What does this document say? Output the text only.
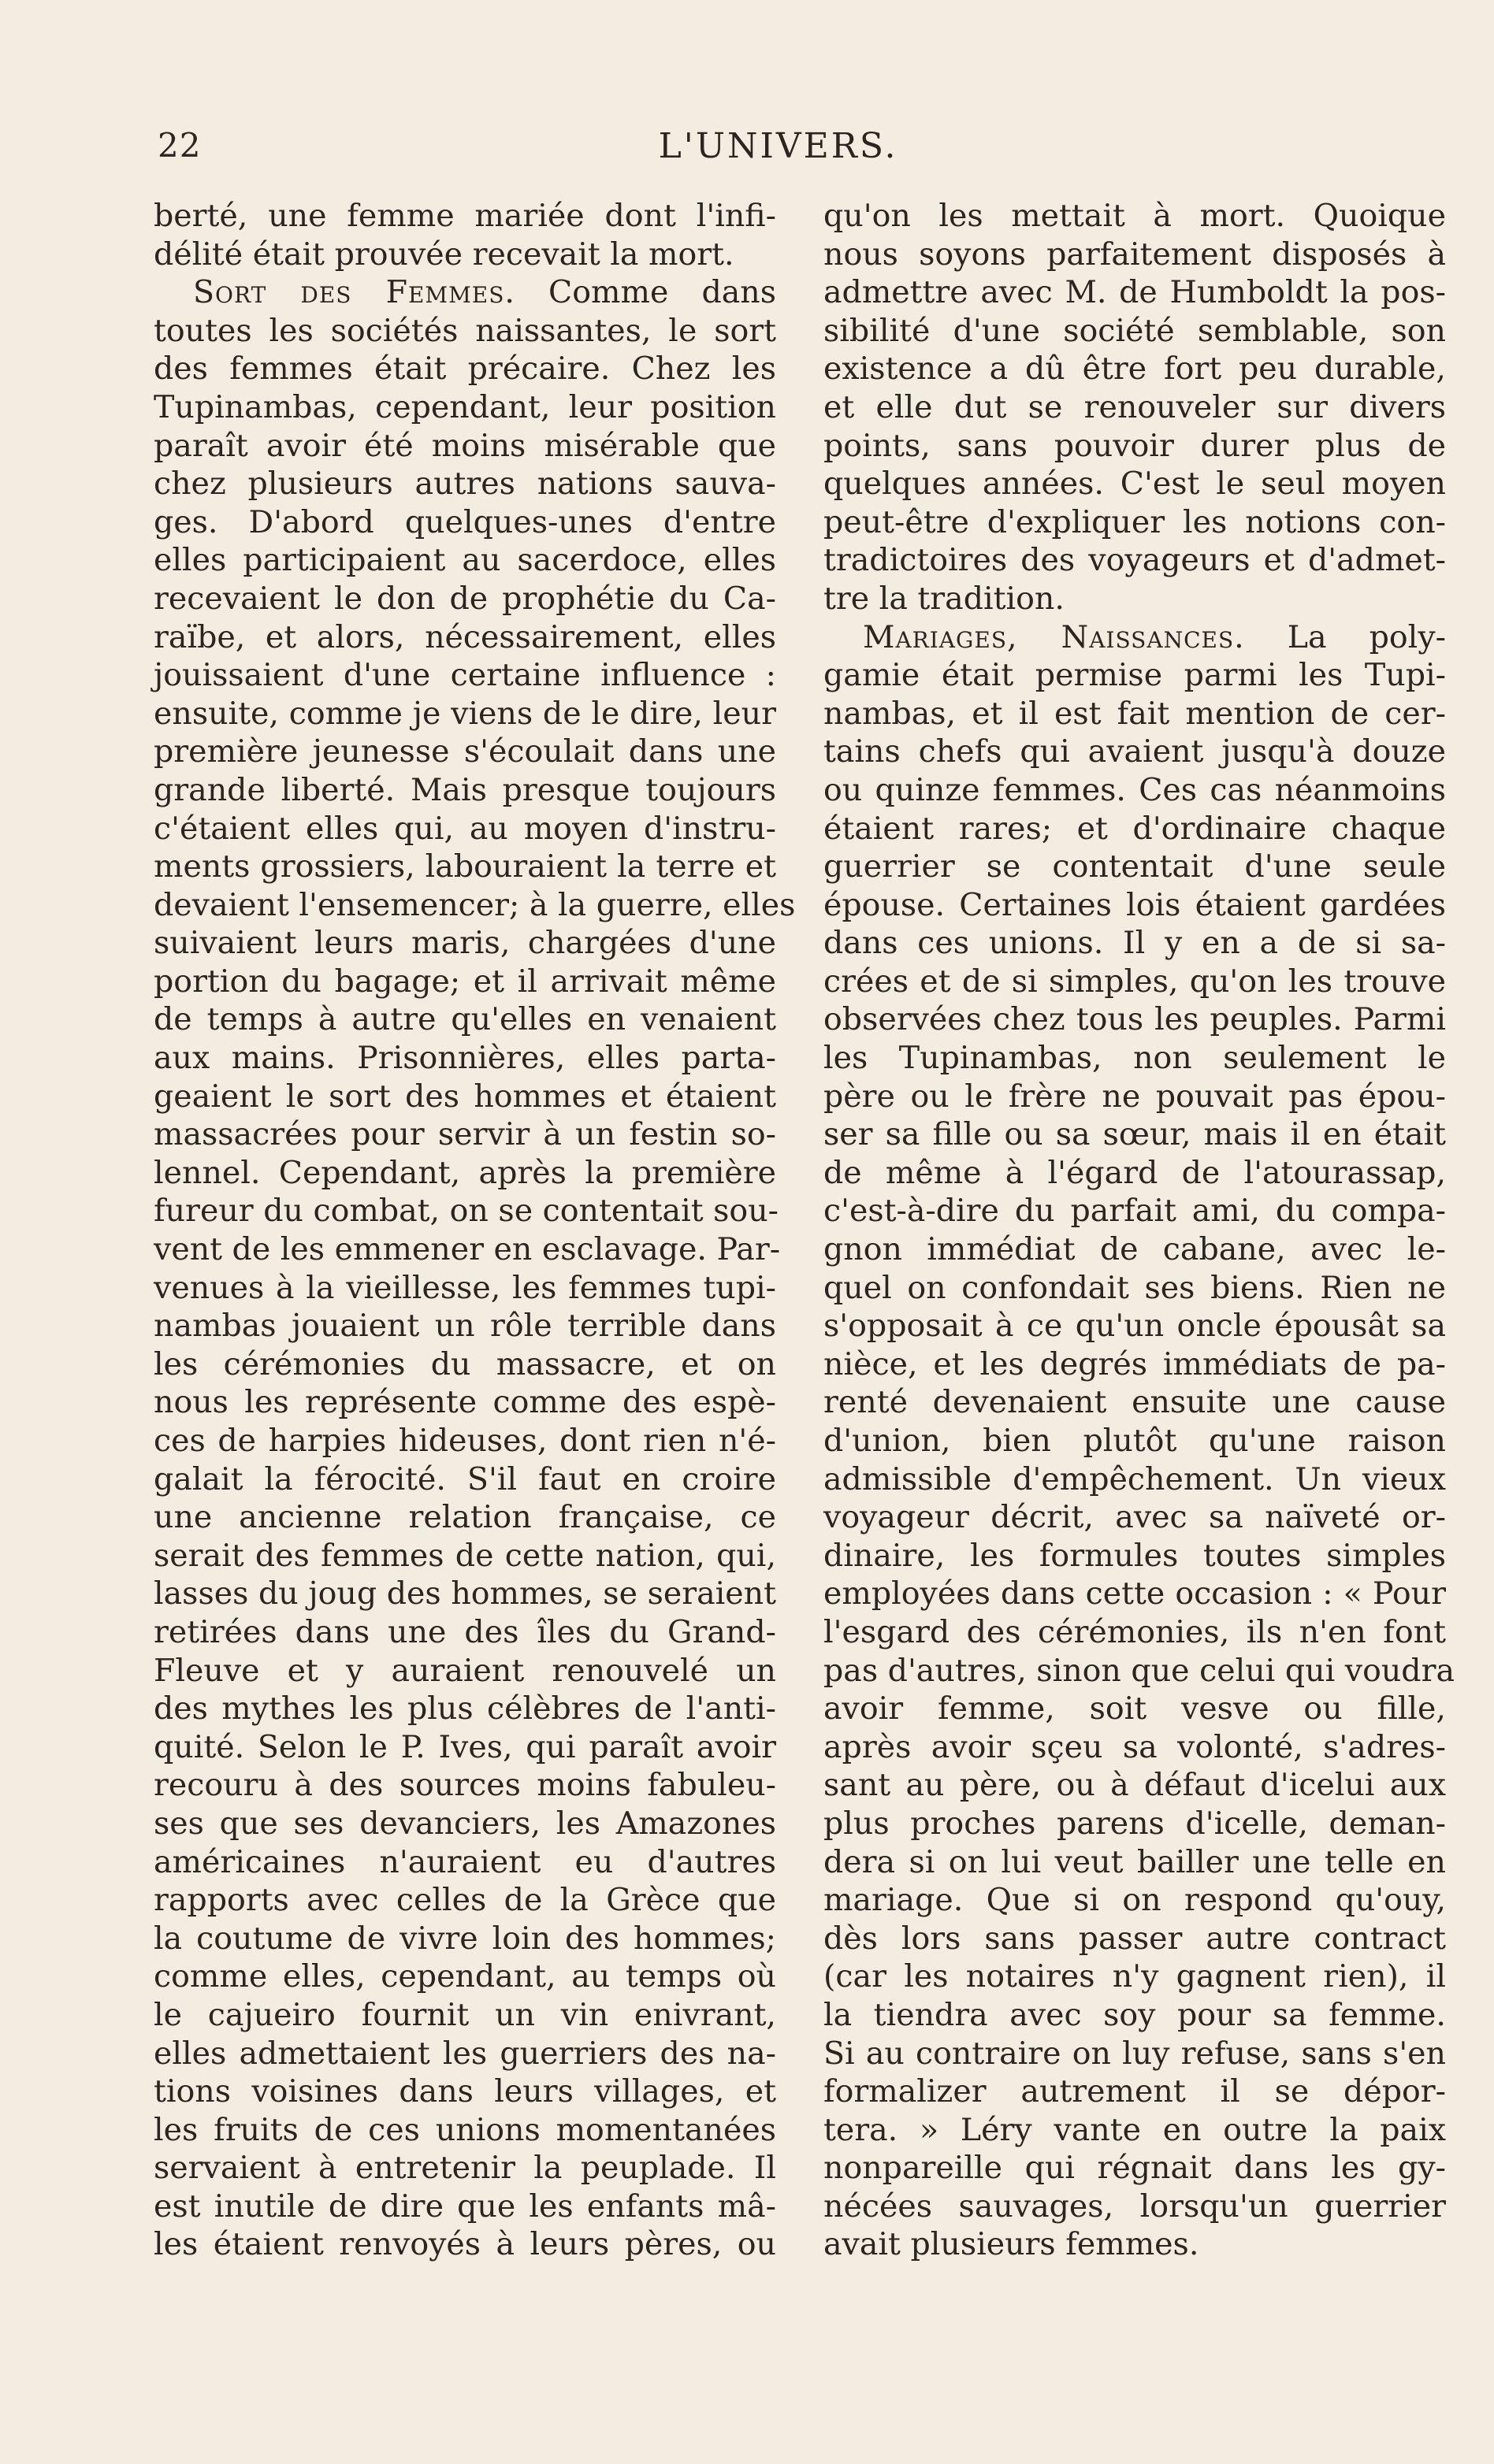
22	L'UNIVERS.
berté, une femme mariée dont l'infi-
délité était prouvée recevait la mort.
Sort des Femmes. Comme dans
toutes les sociétés naissantes, le sort
des femmes était précaire. Chez les
Tupinambas, cependant, leur position
paraît avoir été moins misérable que
chez plusieurs autres nations sauva-
ges. D'abord quelques-unes d'entre
elles participaient au sacerdoce, elles
recevaient le don de prophétie du Ca-
raïbe, et alors, nécessairement, elles
jouissaient d'une certaine influence :
ensuite, comme je viens de le dire, leur
première jeunesse s'écoulait dans une
grande liberté. Mais presque toujours
c'étaient elles qui, au moyen d'instru-
ments grossiers, labouraient la terre et
devaient l'ensemencer; à la guerre, elles
suivaient leurs maris, chargées d'une
portion du bagage; et il arrivait même
de temps à autre qu'elles en venaient
aux mains. Prisonnières, elles parta-
geaient le sort des hommes et étaient
massacrées pour servir à un festin so-
lennel. Cependant, après la première
fureur du combat, on se contentait sou-
vent de les emmener en esclavage. Par-
venues à la vieillesse, les femmes tupi-
nambas jouaient un rôle terrible dans
les cérémonies du massacre, et on
nous les représente comme des espè-
ces de harpies hideuses, dont rien n'é-
galait la férocité. S'il faut en croire
une ancienne relation française, ce
serait des femmes de cette nation, qui,
lasses du joug des hommes, se seraient
retirées dans une des îles du Grand-
Fleuve et y auraient renouvelé un
des mythes les plus célèbres de l'anti-
quité. Selon le P. Ives, qui paraît avoir
recouru à des sources moins fabuleu-
ses que ses devanciers, les Amazones
américaines n'auraient eu d'autres
rapports avec celles de la Grèce que
la coutume de vivre loin des hommes;
comme elles, cependant, au temps où
le cajueiro fournit un vin enivrant,
elles admettaient les guerriers des na-
tions voisines dans leurs villages, et
les fruits de ces unions momentanées
servaient à entretenir la peuplade. Il
est inutile de dire que les enfants mâ-
les étaient renvoyés à leurs pères, ou
qu'on les mettait à mort. Quoique
nous soyons parfaitement disposés à
admettre avec M. de Humboldt la pos-
sibilité d'une société semblable, son
existence a dû être fort peu durable,
et elle dut se renouveler sur divers
points, sans pouvoir durer plus de
quelques années. C'est le seul moyen
peut-être d'expliquer les notions con-
tradictoires des voyageurs et d'admet-
tre la tradition.
Mariages, Naissances. La poly-
gamie était permise parmi les Tupi-
nambas, et il est fait mention de cer-
tains chefs qui avaient jusqu'à douze
ou quinze femmes. Ces cas néanmoins
étaient rares; et d'ordinaire chaque
guerrier se contentait d'une seule
épouse. Certaines lois étaient gardées
dans ces unions. Il y en a de si sa-
crées et de si simples, qu'on les trouve
observées chez tous les peuples. Parmi
les Tupinambas, non seulement le
père ou le frère ne pouvait pas épou-
ser sa fille ou sa sœur, mais il en était
de même à l'égard de l'atourassap,
c'est-à-dire du parfait ami, du compa-
gnon immédiat de cabane, avec le-
quel on confondait ses biens. Rien ne
s'opposait à ce qu'un oncle épousât sa
nièce, et les degrés immédiats de pa-
renté devenaient ensuite une cause
d'union, bien plutôt qu'une raison
admissible d'empêchement. Un vieux
voyageur décrit, avec sa naïveté or-
dinaire, les formules toutes simples
employées dans cette occasion : « Pour
l'esgard des cérémonies, ils n'en font
pas d'autres, sinon que celui qui voudra
avoir femme, soit vesve ou fille,
après avoir sçeu sa volonté, s'adres-
sant au père, ou à défaut d'icelui aux
plus proches parens d'icelle, deman-
dera si on lui veut bailler une telle en
mariage. Que si on respond qu'ouy,
dès lors sans passer autre contract
(car les notaires n'y gagnent rien), il
la tiendra avec soy pour sa femme.
Si au contraire on luy refuse, sans s'en
formalizer autrement il se dépor-
tera. » Léry vante en outre la paix
nonpareille qui régnait dans les gy-
nécées sauvages, lorsqu'un guerrier
avait plusieurs femmes.
